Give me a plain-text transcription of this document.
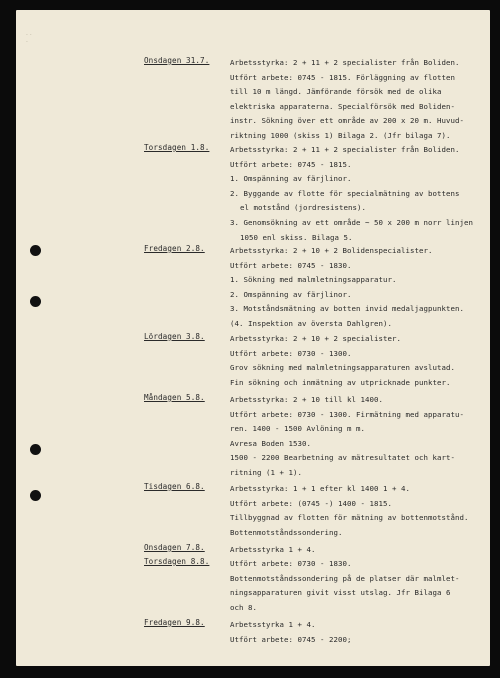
· ·
·
Onsdagen 31.7.	Arbetsstyrka: 2 + 11 + 2 specialister från Boliden.
Utfört arbete: 0745 - 1815. Förläggning av flotten
till 10 m längd. Jämförande försök med de olika
elektriska apparaterna. Specialförsök med Boliden-
instr. Sökning över ett område av 200 x 20 m. Huvud-
riktning 1000 (skiss 1) Bilaga 2. (Jfr bilaga 7).
Torsdagen 1.8.	Arbetsstyrka: 2 + 11 + 2 specialister från Boliden.
Utfört arbete: 0745 - 1815.
1. Omspänning av färjlinor.
2. Byggande av flotte för specialmätning av bottens
el motstånd (jordresistens).
3. Genomsökning av ett område ~ 50 x 200 m norr linjen
1050 enl skiss. Bilaga 5.
Fredagen 2.8.	Arbetsstyrka: 2 + 10 + 2 Bolidenspecialister.
Utfört arbete: 0745 - 1830.
1. Sökning med malmletningsapparatur.
2. Omspänning av färjlinor.
3. Motståndsmätning av botten invid medaljagpunkten.
(4. Inspektion av översta Dahlgren).
Lördagen 3.8.	Arbetsstyrka: 2 + 10 + 2 specialister.
Utfört arbete: 0730 - 1300.
Grov sökning med malmletningsapparaturen avslutad.
Fin sökning och inmätning av utpricknade punkter.
Måndagen 5.8.	Arbetsstyrka: 2 + 10 till kl 1400.
Utfört arbete: 0730 - 1300. Firmätning med apparatu-
ren. 1400 - 1500 Avlöning m m.
Avresa Boden 1530.
1500 - 2200 Bearbetning av mätresultatet och kart-
ritning (1 + 1).
Tisdagen 6.8.	Arbetsstyrka: 1 + 1 efter kl 1400 1 + 4.
Utfört arbete: (0745 -) 1400 - 1815.
Tillbyggnad av flotten för mätning av bottenmotstånd.
Bottenmotståndssondering.
Onsdagen 7.8.	Arbetsstyrka 1 + 4.
Torsdagen 8.8.	Utfört arbete: 0730 - 1830.
Bottenmotståndssondering på de platser där malmlet-
ningsapparaturen givit visst utslag. Jfr Bilaga 6
och 8.
Fredagen 9.8.	Arbetsstyrka 1 + 4.
Utfört arbete: 0745 - 2200;
